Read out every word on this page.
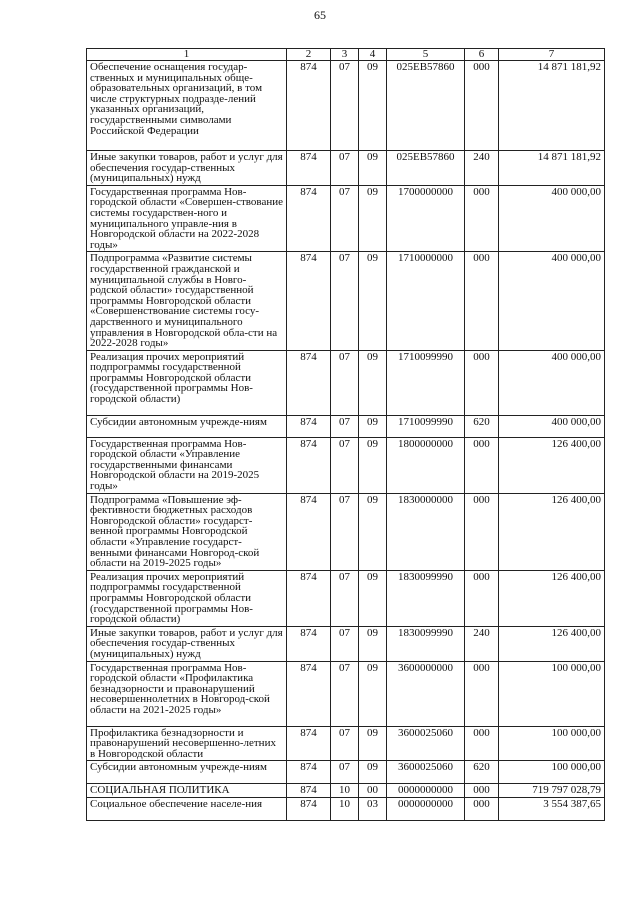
65
1	2	3	4	5	6	7
Обеспечение оснащения государ-ственных и муниципальных обще-образовательных организаций, в том числе структурных подразде-лений указанных организаций, государственными символами Российской Федерации	874	07	09	025ЕВ57860	000	14 871 181,92
Иные закупки товаров, работ и услуг для обеспечения государ-ственных (муниципальных) нужд	874	07	09	025ЕВ57860	240	14 871 181,92
Государственная программа Нов-городской области «Совершен-ствование системы государствен-ного и муниципального управле-ния в Новгородской области на 2022-2028 годы»	874	07	09	1700000000	000	400 000,00
Подпрограмма «Развитие системы государственной гражданской и муниципальной службы в Новго-родской области» государственной программы Новгородской области «Совершенствование системы госу-дарственного и муниципального управления в Новгородской обла-сти на 2022-2028 годы»	874	07	09	1710000000	000	400 000,00
Реализация прочих мероприятий подпрограммы государственной программы Новгородской области (государственной программы Нов-городской области)	874	07	09	1710099990	000	400 000,00
Субсидии автономным учрежде-ниям	874	07	09	1710099990	620	400 000,00
Государственная программа Нов-городской области «Управление государственными финансами Новгородской области на 2019-2025 годы»	874	07	09	1800000000	000	126 400,00
Подпрограмма «Повышение эф-фективности бюджетных расходов Новгородской области» государст-венной программы Новгородской области «Управление государст-венными финансами Новгород-ской области на 2019-2025 годы»	874	07	09	1830000000	000	126 400,00
Реализация прочих мероприятий подпрограммы государственной программы Новгородской области (государственной программы Нов-городской области)	874	07	09	1830099990	000	126 400,00
Иные закупки товаров, работ и услуг для обеспечения государ-ственных (муниципальных) нужд	874	07	09	1830099990	240	126 400,00
Государственная программа Нов-городской области «Профилактика безнадзорности и правонарушений несовершеннолетних в Новгород-ской области на 2021-2025 годы»	874	07	09	3600000000	000	100 000,00
Профилактика безнадзорности и правонарушений несовершенно-летних в Новгородской области	874	07	09	3600025060	000	100 000,00
Субсидии автономным учрежде-ниям	874	07	09	3600025060	620	100 000,00
СОЦИАЛЬНАЯ ПОЛИТИКА	874	10	00	0000000000	000	719 797 028,79
Социальное обеспечение населе-ния	874	10	03	0000000000	000	3 554 387,65
